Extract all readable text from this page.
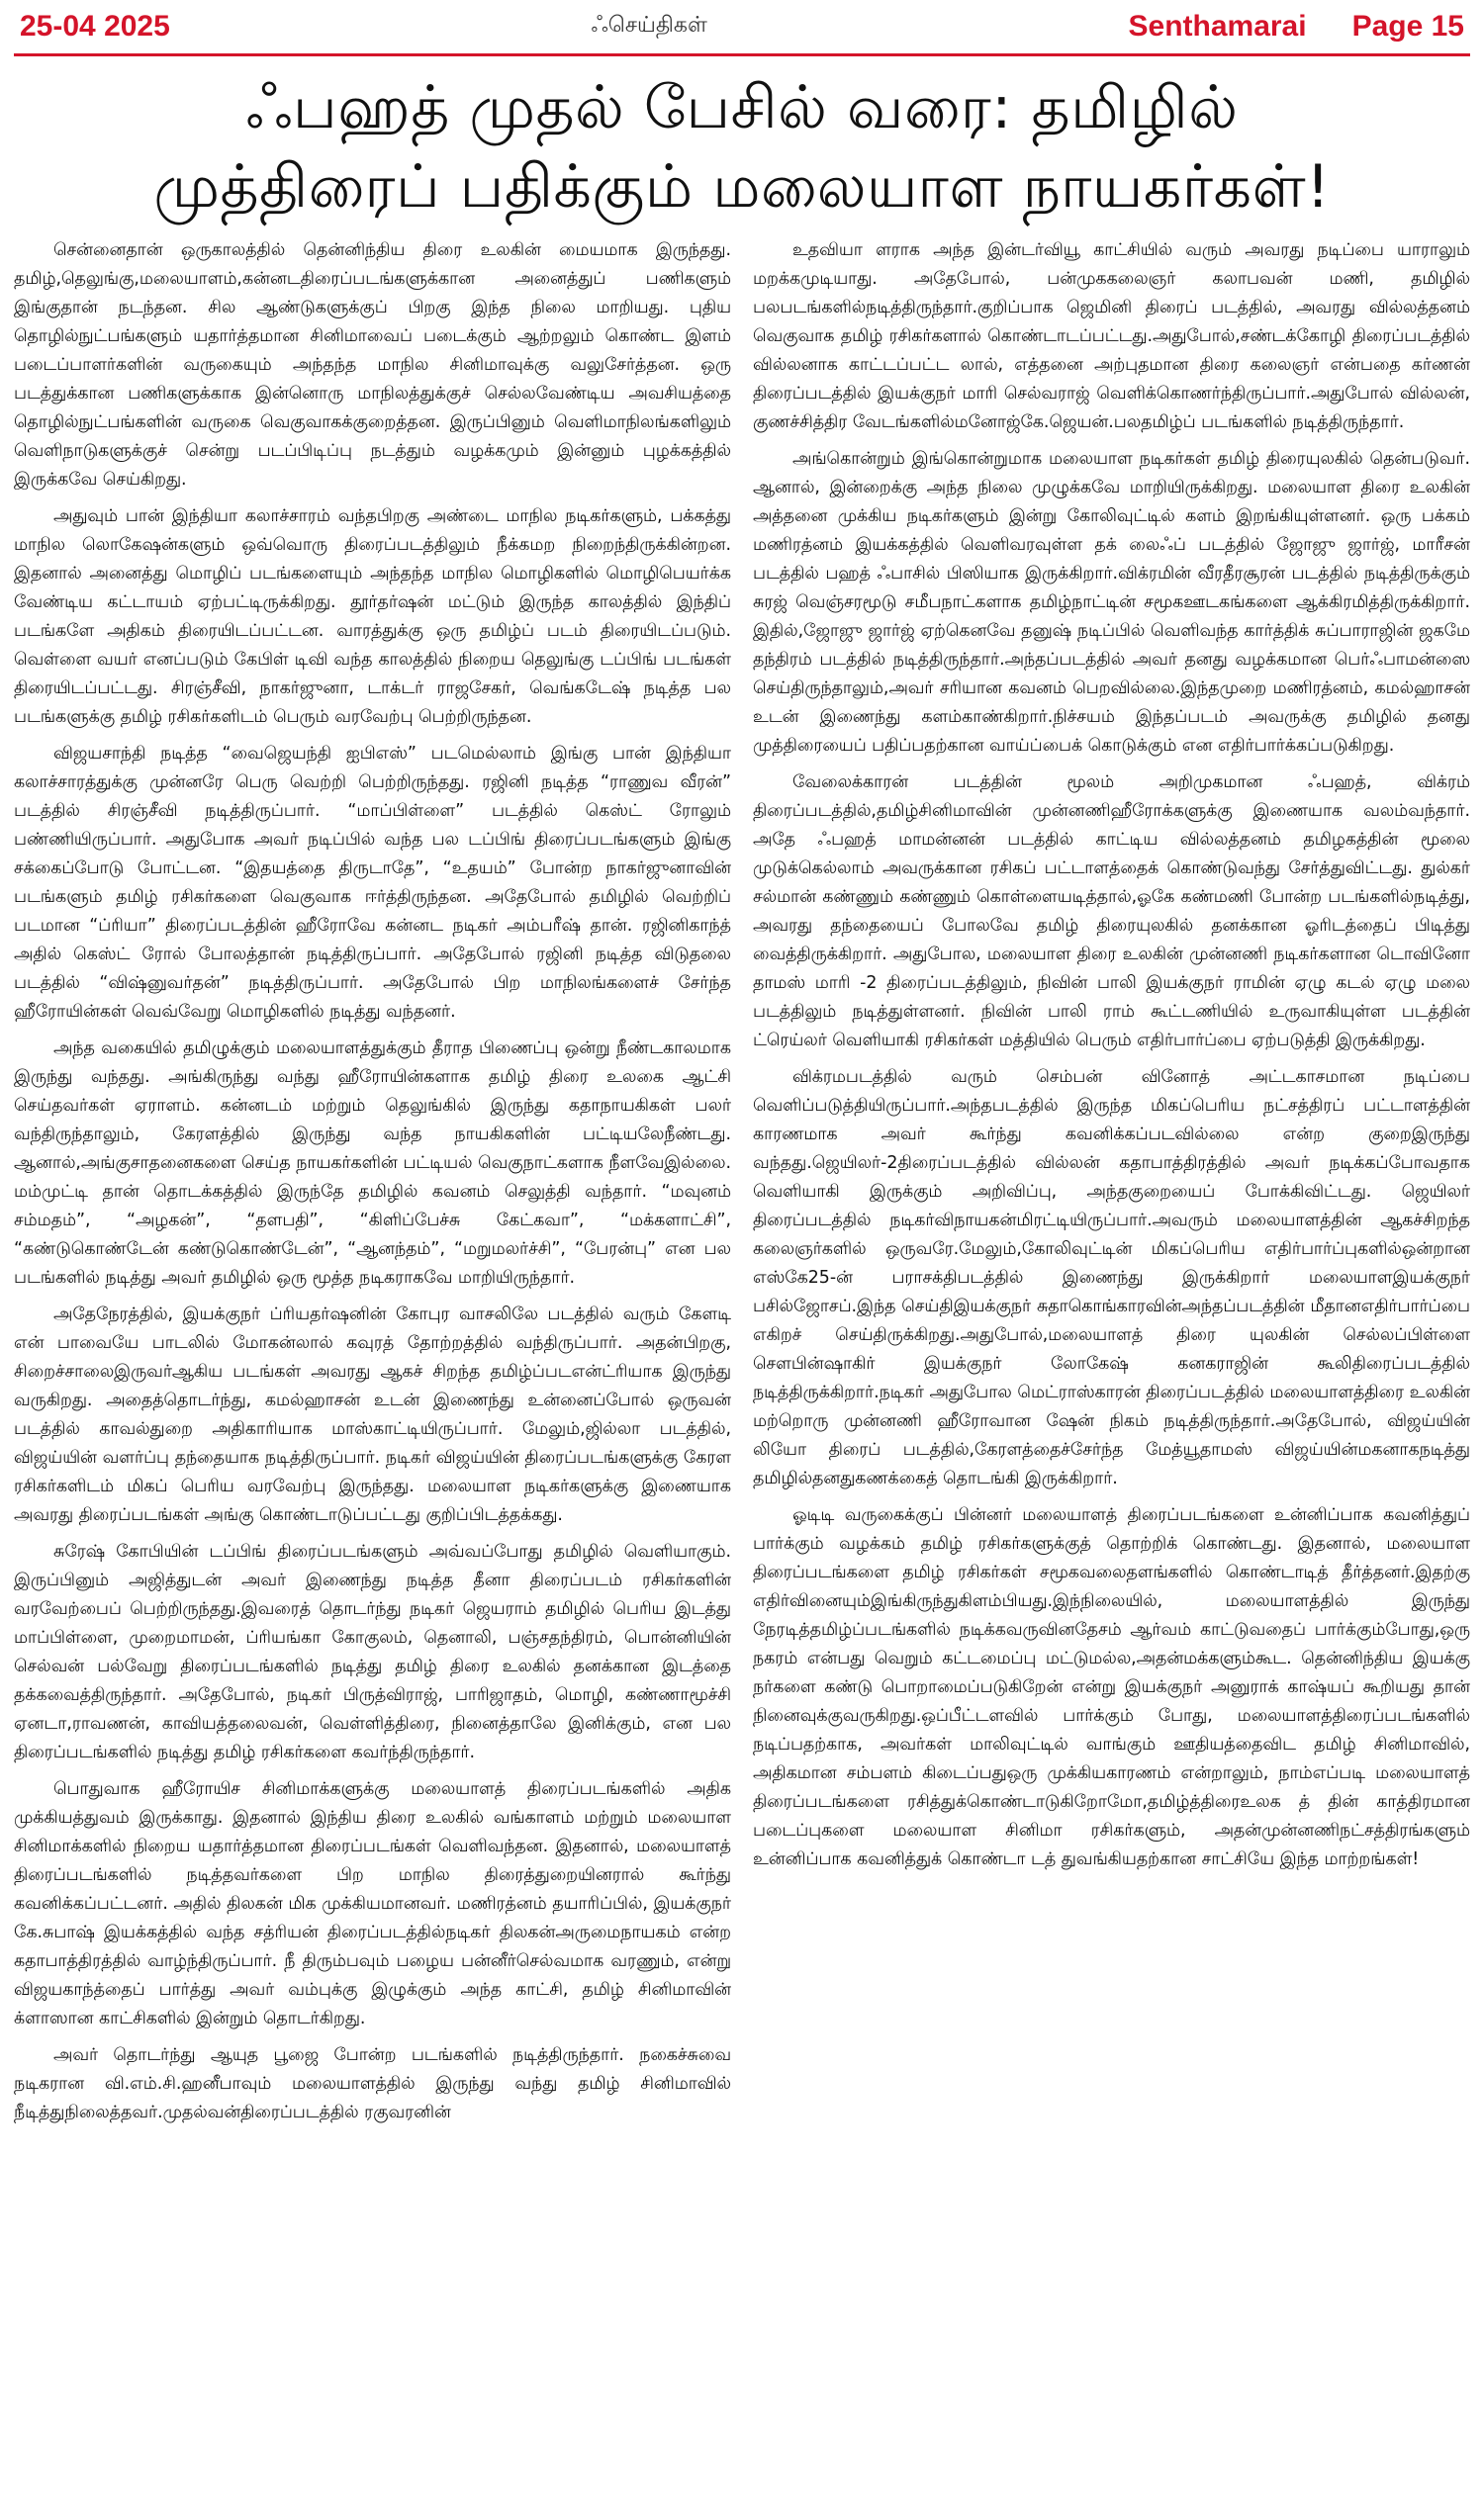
25-04 2025	ஃசெய்திகள்	Senthamarai Page 15
ஃபஹத் முதல் பேசில் வரை: தமிழில்
முத்திரைப் பதிக்கும் மலையாள நாயகர்கள்!

சென்னைதான் ஒருகாலத்தில் தென்னிந்திய திரை உலகின் மையமாக இருந்தது. தமிழ்,தெலுங்கு,மலையாளம்,கன்னடதிரைப்படங்களுக்கான அனைத்துப் பணிகளும் இங்குதான் நடந்தன. சில ஆண்டுகளுக்குப் பிறகு இந்த நிலை மாறியது. புதிய தொழில்நுட்பங்களும் யதார்த்தமான சினிமாவைப் படைக்கும் ஆற்றலும் கொண்ட இளம் படைப்பாளர்களின் வருகையும் அந்தந்த மாநில சினிமாவுக்கு வலுசேர்த்தன. ஒரு படத்துக்கான பணிகளுக்காக இன்னொரு மாநிலத்துக்குச் செல்லவேண்டிய அவசியத்தை தொழில்நுட்பங்களின் வருகை வெகுவாகக்குறைத்தன. இருப்பினும் வெளிமாநிலங்களிலும் வெளிநாடுகளுக்குச் சென்று படப்பிடிப்பு நடத்தும் வழக்கமும் இன்னும் புழக்கத்தில் இருக்கவே செய்கிறது.

அதுவும் பான் இந்தியா கலாச்சாரம் வந்தபிறகு அண்டை மாநில நடிகர்களும், பக்கத்து மாநில லொகேஷன்களும் ஒவ்வொரு திரைப்படத்திலும் நீக்கமற நிறைந்திருக்கின்றன. இதனால் அனைத்து மொழிப் படங்களையும் அந்தந்த மாநில மொழிகளில் மொழிபெயர்க்க வேண்டிய கட்டாயம் ஏற்பட்டிருக்கிறது. தூர்தர்ஷன் மட்டும் இருந்த காலத்தில் இந்திப் படங்களே அதிகம் திரையிடப்பட்டன. வாரத்துக்கு ஒரு தமிழ்ப் படம் திரையிடப்படும். வெள்ளை வயர் எனப்படும் கேபிள் டிவி வந்த காலத்தில் நிறைய தெலுங்கு டப்பிங் படங்கள் திரையிடப்பட்டது. சிரஞ்சீவி, நாகர்ஜுனா, டாக்டர் ராஜசேகர், வெங்கடேஷ் நடித்த பல படங்களுக்கு தமிழ் ரசிகர்களிடம் பெரும் வரவேற்பு பெற்றிருந்தன.

விஜயசாந்தி நடித்த “வைஜெயந்தி ஐபிஎஸ்” படமெல்லாம் இங்கு பான் இந்தியா கலாச்சாரத்துக்கு முன்னரே பெரு வெற்றி பெற்றிருந்தது. ரஜினி நடித்த “ராணுவ வீரன்” படத்தில் சிரஞ்சீவி நடித்திருப்பார். “மாப்பிள்ளை” படத்தில் கெஸ்ட் ரோலும் பண்ணியிருப்பார். அதுபோக அவர் நடிப்பில் வந்த பல டப்பிங் திரைப்படங்களும் இங்கு சக்கைப்போடு போட்டன. “இதயத்தை திருடாதே”, “உதயம்” போன்ற நாகர்ஜுனாவின் படங்களும் தமிழ் ரசிகர்களை வெகுவாக ஈர்த்திருந்தன. அதேபோல் தமிழில் வெற்றிப் படமான “ப்ரியா” திரைப்படத்தின் ஹீரோவே கன்னட நடிகர் அம்பரீஷ் தான். ரஜினிகாந்த் அதில் கெஸ்ட் ரோல் போலத்தான் நடித்திருப்பார். அதேபோல் ரஜினி நடித்த விடுதலை படத்தில் “விஷ்னுவர்தன்” நடித்திருப்பார். அதேபோல் பிற மாநிலங்களைச் சேர்ந்த ஹீரோயின்கள் வெவ்வேறு மொழிகளில் நடித்து வந்தனர்.

அந்த வகையில் தமிழுக்கும் மலையாளத்துக்கும் தீராத பிணைப்பு ஒன்று நீண்டகாலமாக இருந்து வந்தது. அங்கிருந்து வந்து ஹீரோயின்களாக தமிழ் திரை உலகை ஆட்சி செய்தவர்கள் ஏராளம். கன்னடம் மற்றும் தெலுங்கில் இருந்து கதாநாயகிகள் பலர் வந்திருந்தாலும், கேரளத்தில் இருந்து வந்த நாயகிகளின் பட்டியலேநீண்டது. ஆனால்,அங்குசாதனைகளை செய்த நாயகர்களின் பட்டியல் வெகுநாட்களாக நீளவேஇல்லை. மம்முட்டி தான் தொடக்கத்தில் இருந்தே தமிழில் கவனம் செலுத்தி வந்தார். “மவுனம் சம்மதம்”, “அழகன்”, “தளபதி”, “கிளிப்பேச்சு கேட்கவா”, “மக்களாட்சி”, “கண்டுகொண்டேன் கண்டுகொண்டேன்”, “ஆனந்தம்”, “மறுமலர்ச்சி”, “பேரன்பு” என பல படங்களில் நடித்து அவர் தமிழில் ஒரு மூத்த நடிகராகவே மாறியிருந்தார்.

அதேநேரத்தில், இயக்குநர் ப்ரியதர்ஷனின் கோபுர வாசலிலே படத்தில் வரும் கேளடி என் பாவையே பாடலில் மோகன்லால் கவுரத் தோற்றத்தில் வந்திருப்பார். அதன்பிறகு, சிறைச்சாலைஇருவர்ஆகிய படங்கள் அவரது ஆகச் சிறந்த தமிழ்ப்படஎன்ட்ரியாக இருந்து வருகிறது. அதைத்தொடர்ந்து, கமல்ஹாசன் உடன் இணைந்து உன்னைப்போல் ஒருவன் படத்தில் காவல்துறை அதிகாரியாக மாஸ்காட்டியிருப்பார். மேலும்,ஜில்லா படத்தில், விஜய்யின் வளர்ப்பு தந்தையாக நடித்திருப்பார். நடிகர் விஜய்யின் திரைப்படங்களுக்கு கேரள ரசிகர்களிடம் மிகப் பெரிய வரவேற்பு இருந்தது. மலையாள நடிகர்களுக்கு இணையாக அவரது திரைப்படங்கள் அங்கு கொண்டாடுப்பட்டது குறிப்பிடத்தக்கது.

சுரேஷ் கோபியின் டப்பிங் திரைப்படங்களும் அவ்வப்போது தமிழில் வெளியாகும். இருப்பினும் அஜித்துடன் அவர் இணைந்து நடித்த தீனா திரைப்படம் ரசிகர்களின் வரவேற்பைப் பெற்றிருந்தது.இவரைத் தொடர்ந்து நடிகர் ஜெயராம் தமிழில் பெரிய இடத்து மாப்பிள்ளை, முறைமாமன், ப்ரியங்கா கோகுலம், தெனாலி, பஞ்சதந்திரம், பொன்னியின் செல்வன் பல்வேறு திரைப்படங்களில் நடித்து தமிழ் திரை உலகில் தனக்கான இடத்தை தக்கவைத்திருந்தார். அதேபோல், நடிகர் பிருத்விராஜ், பாரிஜாதம், மொழி, கண்ணாமூச்சி ஏனடா,ராவணன், காவியத்தலைவன், வெள்ளித்திரை, நினைத்தாலே இனிக்கும், என பல திரைப்படங்களில் நடித்து தமிழ் ரசிகர்களை கவர்ந்திருந்தார்.

பொதுவாக ஹீரோயிச சினிமாக்களுக்கு மலையாளத் திரைப்படங்களில் அதிக முக்கியத்துவம் இருக்காது. இதனால் இந்திய திரை உலகில் வங்காளம் மற்றும் மலையாள சினிமாக்களில் நிறைய யதார்த்தமான திரைப்படங்கள் வெளிவந்தன. இதனால், மலையாளத் திரைப்படங்களில் நடித்தவர்களை பிற மாநில திரைத்துறையினரால் கூர்ந்து கவனிக்கப்பட்டனர். அதில் திலகன் மிக முக்கியமானவர். மணிரத்னம் தயாரிப்பில், இயக்குநர் கே.சுபாஷ் இயக்கத்தில் வந்த சத்ரியன் திரைப்படத்தில்நடிகர் திலகன்அருமைநாயகம் என்ற கதாபாத்திரத்தில் வாழ்ந்திருப்பார். நீ திரும்பவும் பழைய பன்னீர்செல்வமாக வரணும், என்று விஜயகாந்த்தைப் பார்த்து அவர் வம்புக்கு இழுக்கும் அந்த காட்சி, தமிழ் சினிமாவின் க்ளாஸான காட்சிகளில் இன்றும் தொடர்கிறது.

அவர் தொடர்ந்து ஆயுத பூஜை போன்ற படங்களில் நடித்திருந்தார். நகைச்சுவை நடிகரான வி.எம்.சி.ஹனீபாவும் மலையாளத்தில் இருந்து வந்து தமிழ் சினிமாவில் நீடித்துநிலைத்தவர்.முதல்வன்திரைப்படத்தில் ரகுவரனின்

உதவியா ளராக அந்த இன்டர்வியூ காட்சியில் வரும் அவரது நடிப்பை யாராலும் மறக்கமுடியாது. அதேபோல், பன்முககலைஞர் கலாபவன் மணி, தமிழில் பலபடங்களில்நடித்திருந்தார்.குறிப்பாக ஜெமினி திரைப் படத்தில், அவரது வில்லத்தனம் வெகுவாக தமிழ் ரசிகர்களால் கொண்டாடப்பட்டது.அதுபோல்,சண்டக்கோழி திரைப்படத்தில் வில்லனாக காட்டப்பட்ட லால், எத்தனை அற்புதமான திரை கலைஞர் என்பதை கர்ணன் திரைப்படத்தில் இயக்குநர் மாரி செல்வராஜ் வெளிக்கொணர்ந்திருப்பார்.அதுபோல் வில்லன், குணச்சித்திர வேடங்களில்மனோஜ்கே.ஜெயன்.பலதமிழ்ப் படங்களில் நடித்திருந்தார்.

அங்கொன்றும் இங்கொன்றுமாக மலையாள நடிகர்கள் தமிழ் திரையுலகில் தென்படுவர். ஆனால், இன்றைக்கு அந்த நிலை முழுக்கவே மாறியிருக்கிறது. மலையாள திரை உலகின் அத்தனை முக்கிய நடிகர்களும் இன்று கோலிவுட்டில் களம் இறங்கியுள்ளனர். ஒரு பக்கம் மணிரத்னம் இயக்கத்தில் வெளிவரவுள்ள தக் லைஃப் படத்தில் ஜோஜு ஜார்ஜ், மாரீசன் படத்தில் பஹத் ஃபாசில் பிஸியாக இருக்கிறார்.விக்ரமின் வீரதீரசூரன் படத்தில் நடித்திருக்கும் சுரஜ் வெஞ்சரமூடு சமீபநாட்களாக தமிழ்நாட்டின் சமூகஊடகங்களை ஆக்கிரமித்திருக்கிறார். இதில்,ஜோஜு ஜார்ஜ் ஏற்கெனவே தனுஷ் நடிப்பில் வெளிவந்த கார்த்திக் சுப்பாராஜின் ஜகமே தந்திரம் படத்தில் நடித்திருந்தார்.அந்தப்படத்தில் அவர் தனது வழக்கமான பெர்ஃபாமன்ஸை செய்திருந்தாலும்,அவர் சரியான கவனம் பெறவில்லை.இந்தமுறை மணிரத்னம், கமல்ஹாசன் உடன் இணைந்து களம்காண்கிறார்.நிச்சயம் இந்தப்படம் அவருக்கு தமிழில் தனது முத்திரையைப் பதிப்பதற்கான வாய்ப்பைக் கொடுக்கும் என எதிர்பார்க்கப்படுகிறது.

வேலைக்காரன் படத்தின் மூலம் அறிமுகமான ஃபஹத், விக்ரம் திரைப்படத்தில்,தமிழ்சினிமாவின் முன்னணிஹீரோக்களுக்கு இணையாக வலம்வந்தார். அதே ஃபஹத் மாமன்னன் படத்தில் காட்டிய வில்லத்தனம் தமிழகத்தின் மூலை முடுக்கெல்லாம் அவருக்கான ரசிகப் பட்டாளத்தைக் கொண்டுவந்து சேர்த்துவிட்டது. துல்கர் சல்மான் கண்ணும் கண்ணும் கொள்ளையடித்தால்,ஓகே கண்மணி போன்ற படங்களில்நடித்து, அவரது தந்தையைப் போலவே தமிழ் திரையுலகில் தனக்கான ஓரிடத்தைப் பிடித்து வைத்திருக்கிறார். அதுபோல, மலையாள திரை உலகின் முன்னணி நடிகர்களான டொவினோ தாமஸ் மாரி -2 திரைப்படத்திலும், நிவின் பாலி இயக்குநர் ராமின் ஏழு கடல் ஏழு மலை படத்திலும் நடித்துள்ளனர். நிவின் பாலி ராம் கூட்டணியில் உருவாகியுள்ள படத்தின் ட்ரெய்லர் வெளியாகி ரசிகர்கள் மத்தியில் பெரும் எதிர்பார்ப்பை ஏற்படுத்தி இருக்கிறது.

விக்ரமபடத்தில் வரும் செம்பன் வினோத் அட்டகாசமான நடிப்பை வெளிப்படுத்தியிருப்பார்.அந்தபடத்தில் இருந்த மிகப்பெரிய நட்சத்திரப் பட்டாளத்தின் காரணமாக அவர் கூர்ந்து கவனிக்கப்படவில்லை என்ற குறைஇருந்து வந்தது.ஜெயிலர்-2திரைப்படத்தில் வில்லன் கதாபாத்திரத்தில் அவர் நடிக்கப்போவதாக வெளியாகி இருக்கும் அறிவிப்பு, அந்தகுறையைப் போக்கிவிட்டது. ஜெயிலர் திரைப்படத்தில் நடிகர்விநாயகன்மிரட்டியிருப்பார்.அவரும் மலையாளத்தின் ஆகச்சிறந்த கலைஞர்களில் ஒருவரே.மேலும்,கோலிவுட்டின் மிகப்பெரிய எதிர்பார்ப்புகளில்ஒன்றான எஸ்கே25-ன் பராசக்திபடத்தில் இணைந்து இருக்கிறார் மலையாளஇயக்குநர் பசில்ஜோசப்.இந்த செய்திஇயக்குநர் சுதாகொங்காரவின்அந்தப்படத்தின் மீதானஎதிர்பார்ப்பை எகிறச் செய்திருக்கிறது.அதுபோல்,மலையாளத் திரை யுலகின் செல்லப்பிள்ளை சௌபின்ஷாகிர் இயக்குநர் லோகேஷ் கனகராஜின் கூலிதிரைப்படத்தில் நடித்திருக்கிறார்.நடிகர் அதுபோல மெட்ராஸ்காரன் திரைப்படத்தில் மலையாளத்திரை உலகின் மற்றொரு முன்னணி ஹீரோவான ஷேன் நிகம் நடித்திருந்தார்.அதேபோல், விஜய்யின் லியோ திரைப் படத்தில்,கேரளத்தைச்சேர்ந்த மேத்யூதாமஸ் விஜய்யின்மகனாகநடித்து தமிழில்தனதுகணக்கைத் தொடங்கி இருக்கிறார்.

ஓடிடி வருகைக்குப் பின்னர் மலையாளத் திரைப்படங்களை உன்னிப்பாக கவனித்துப் பார்க்கும் வழக்கம் தமிழ் ரசிகர்களுக்குத் தொற்றிக் கொண்டது. இதனால், மலையாள திரைப்படங்களை தமிழ் ரசிகர்கள் சமூகவலைதளங்களில் கொண்டாடித் தீர்த்தனர்.இதற்கு எதிர்வினையும்இங்கிருந்துகிளம்பியது.இந்நிலையில், மலையாளத்தில் இருந்து நேரடித்தமிழ்ப்படங்களில் நடிக்கவருவினதேசம் ஆர்வம் காட்டுவதைப் பார்க்கும்போது,ஒரு நகரம் என்பது வெறும் கட்டமைப்பு மட்டுமல்ல,அதன்மக்களும்கூட. தென்னிந்திய இயக்கு நர்களை கண்டு பொறாமைப்படுகிறேன் என்று இயக்குநர் அனுராக் காஷ்யப் கூறியது தான் நினைவுக்குவருகிறது.ஒப்பீட்டளவில் பார்க்கும் போது, மலையாளத்திரைப்படங்களில் நடிப்பதற்காக, அவர்கள் மாலிவுட்டில் வாங்கும் ஊதியத்தைவிட தமிழ் சினிமாவில், அதிகமான சம்பளம் கிடைப்பதுஒரு முக்கியகாரணம் என்றாலும், நாம்எப்படி மலையாளத் திரைப்படங்களை ரசித்துக்கொண்டாடுகிறோமோ,தமிழ்த்திரைஉலக த் தின் காத்திரமான படைப்புகளை மலையாள சினிமா ரசிகர்களும், அதன்முன்னணிநட்சத்திரங்களும் உன்னிப்பாக கவனித்துக் கொண்டா டத் துவங்கியதற்கான சாட்சியே இந்த மாற்றங்கள்!
